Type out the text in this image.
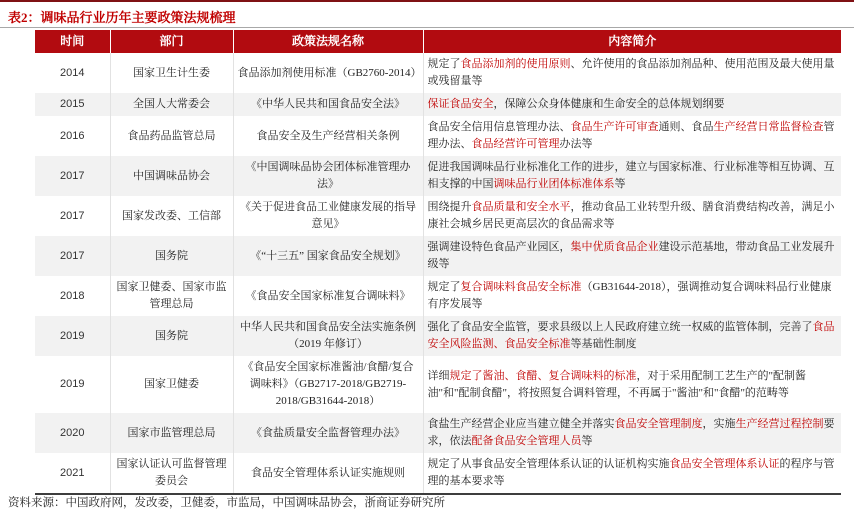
表2：调味品行业历年主要政策法规梳理
时间	部门	政策法规名称	内容简介
2014	国家卫生计生委	食品添加剂使用标准（GB2760-2014）	规定了食品添加剂的使用原则、允许使用的食品添加剂品种、使用范围及最大使用量或残留量等
2015	全国人大常委会	《中华人民共和国食品安全法》	保证食品安全，保障公众身体健康和生命安全的总体规划纲要
2016	食品药品监管总局	食品安全及生产经营相关条例	食品安全信用信息管理办法、食品生产许可审查通则、食品生产经营日常监督检查管理办法、食品经营许可管理办法等
2017	中国调味品协会	《中国调味品协会团体标准管理办法》	促进我国调味品行业标准化工作的进步，建立与国家标准、行业标准等相互协调、互相支撑的中国调味品行业团体标准体系等
2017	国家发改委、工信部	《关于促进食品工业健康发展的指导意见》	围绕提升食品质量和安全水平，推动食品工业转型升级、膳食消费结构改善，满足小康社会城乡居民更高层次的食品需求等
2017	国务院	《“十三五” 国家食品安全规划》	强调建设特色食品产业园区，集中优质食品企业建设示范基地，带动食品工业发展升级等
2018	国家卫健委、国家市监管理总局	《食品安全国家标准复合调味料》	规定了复合调味料食品安全标准（GB31644-2018），强调推动复合调味料品行业健康有序发展等
2019	国务院	中华人民共和国食品安全法实施条例（2019 年修订）	强化了食品安全监管，要求县级以上人民政府建立统一权威的监管体制，完善了食品安全风险监测、食品安全标准等基础性制度
2019	国家卫健委	《食品安全国家标准酱油/食醋/复合调味料》（GB2717-2018/GB2719-2018/GB31644-2018）	详细规定了酱油、食醋、复合调味料的标准，对于采用配制工艺生产的"配制酱油"和"配制食醋"，将按照复合调料管理，不再属于"酱油"和"食醋"的范畴等
2020	国家市监管理总局	《食盐质量安全监督管理办法》	食盐生产经营企业应当建立健全并落实食品安全管理制度，实施生产经营过程控制要求，依法配备食品安全管理人员等
2021	国家认证认可监督管理委员会	食品安全管理体系认证实施规则	规定了从事食品安全管理体系认证的认证机构实施食品安全管理体系认证的程序与管理的基本要求等
资料来源：中国政府网，发改委，卫健委，市监局，中国调味品协会，浙商证券研究所
